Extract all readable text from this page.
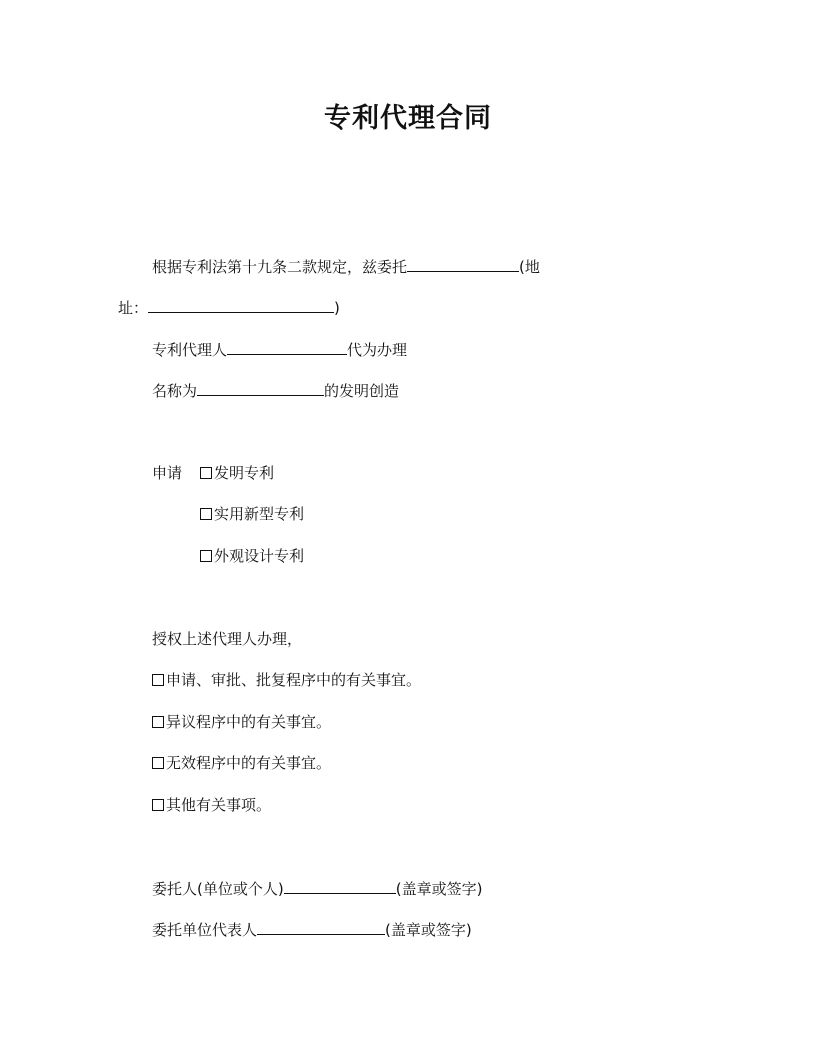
专利代理合同
根据专利法第十九条二款规定，兹委托	(地
址：	)
专利代理人	代为办理
名称为	的发明创造
申请	发明专利
实用新型专利
外观设计专利
授权上述代理人办理，
申请、审批、批复程序中的有关事宜。
异议程序中的有关事宜。
无效程序中的有关事宜。
其他有关事项。
委托人(单位或个人)	(盖章或签字)
委托单位代表人	(盖章或签字)
